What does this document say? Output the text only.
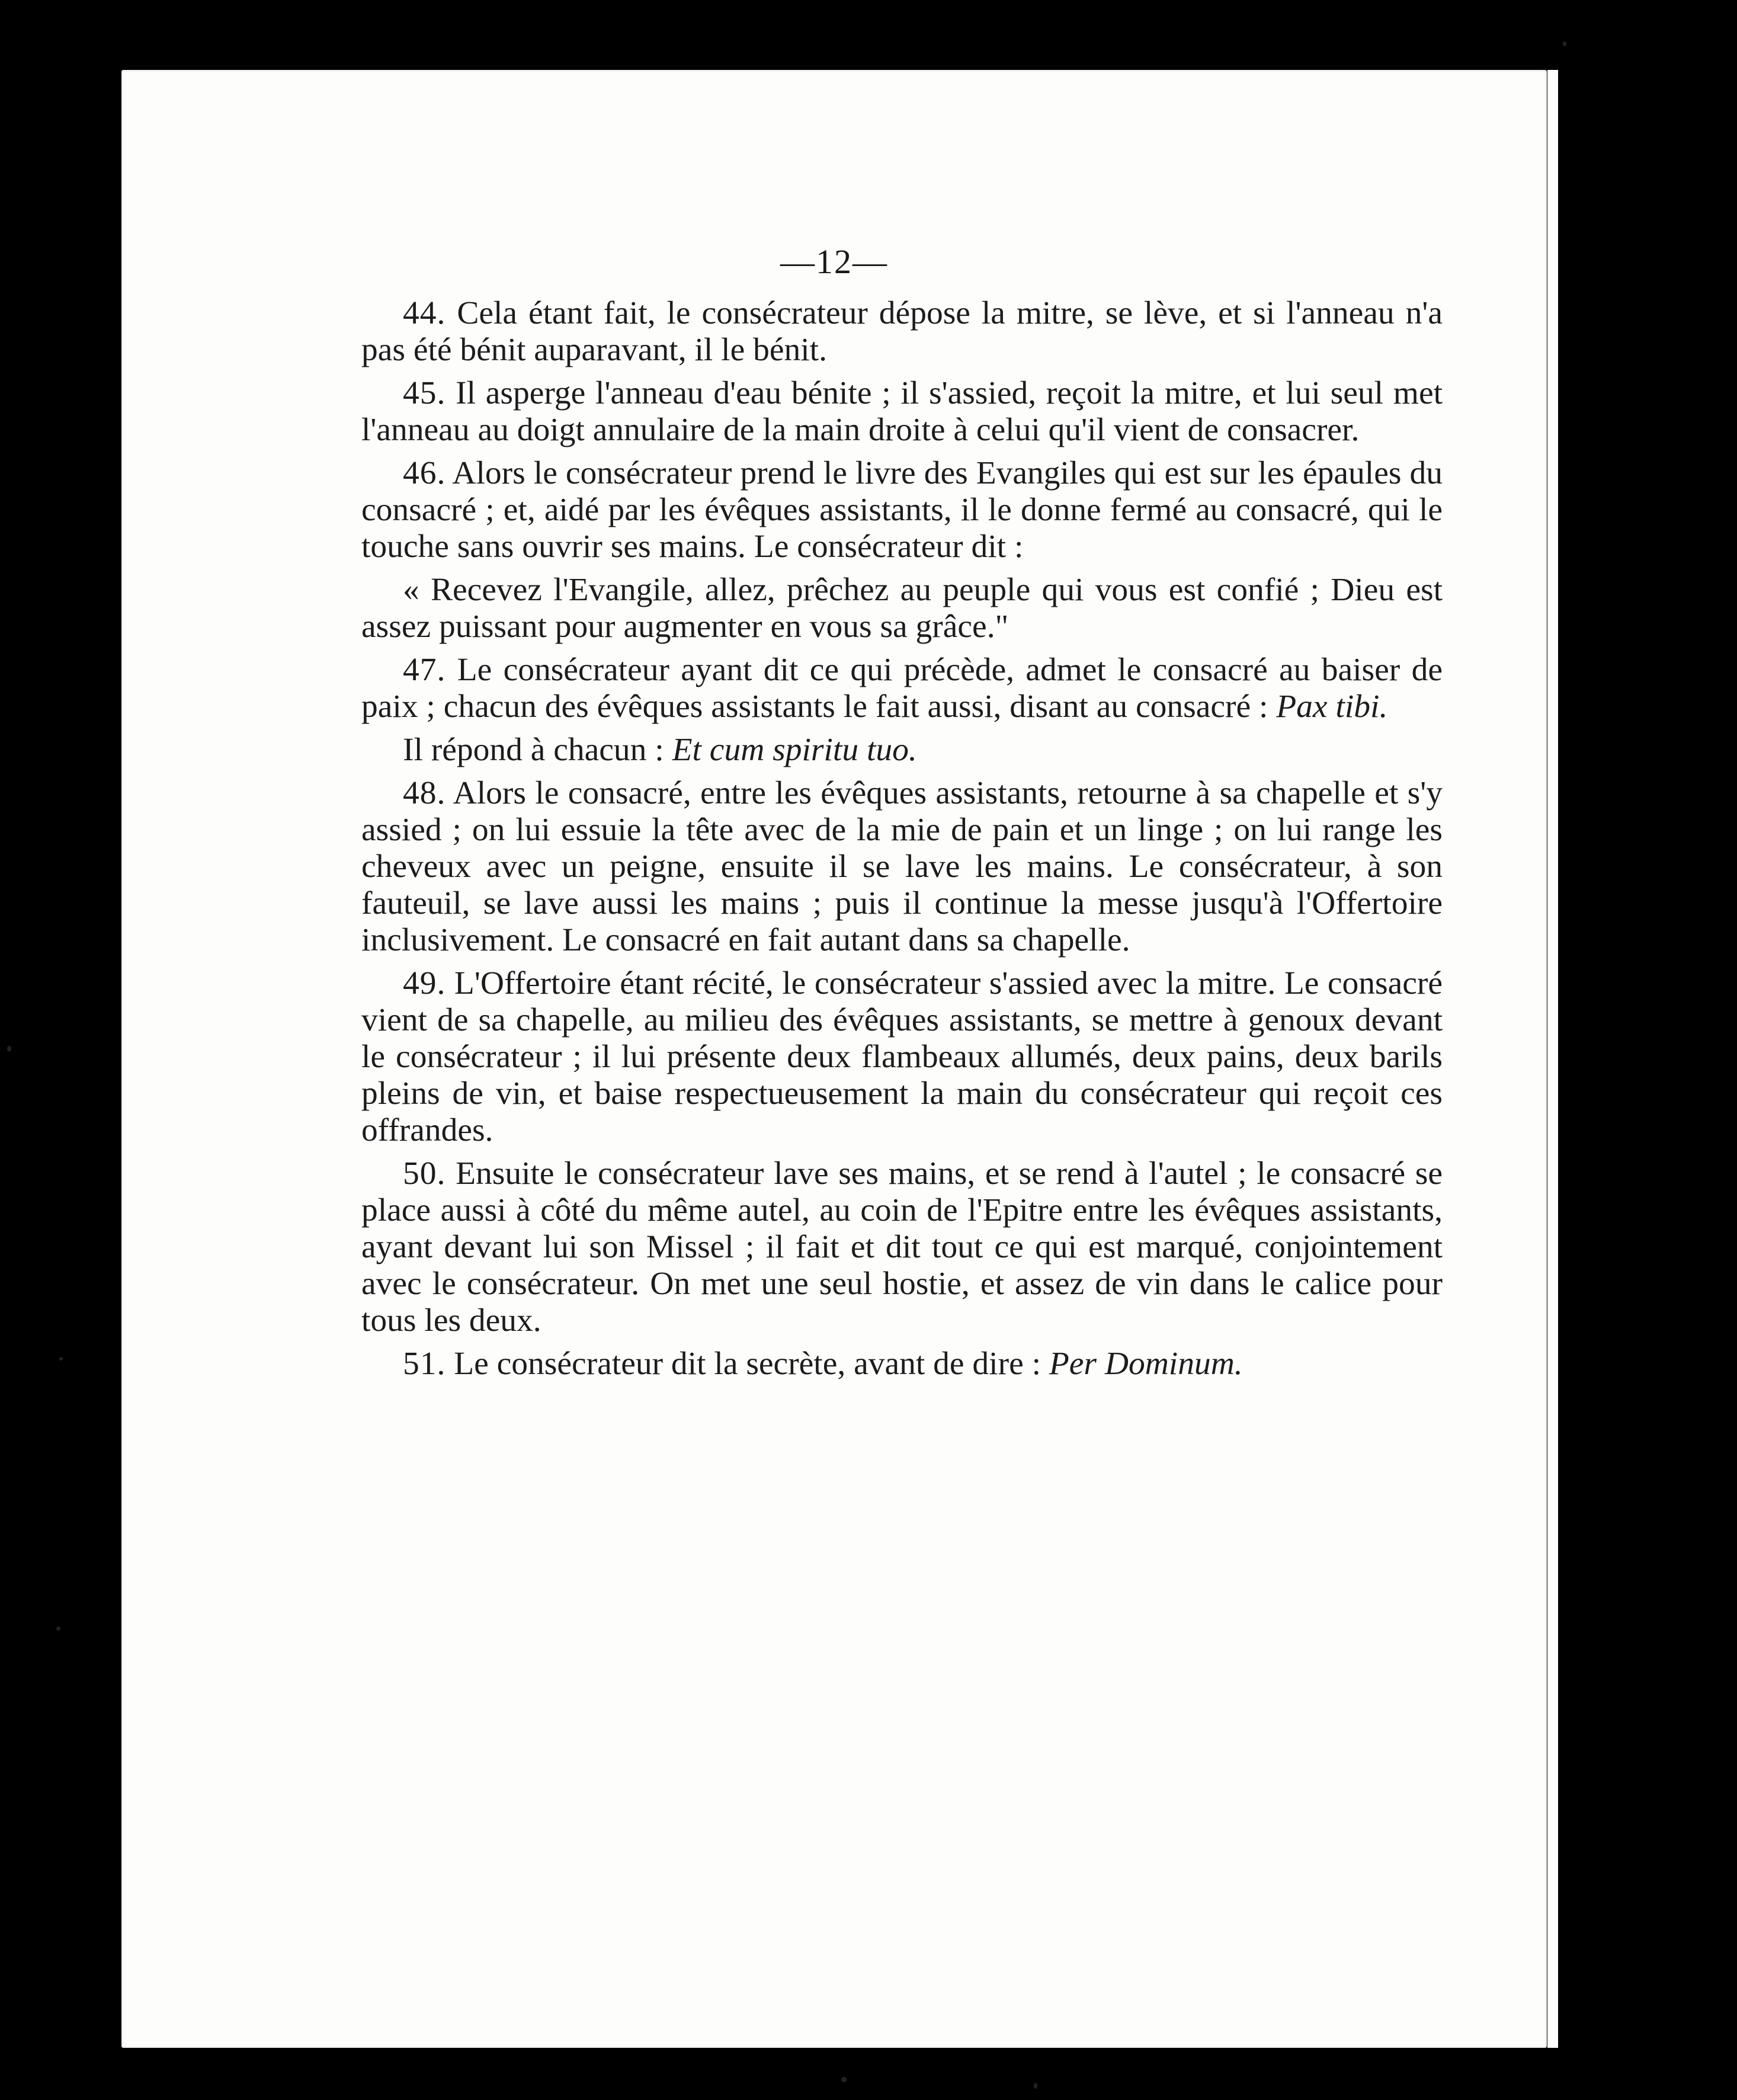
—12—

44. Cela étant fait, le consécrateur dépose la mitre, se lève, et si l'anneau n'a pas été bénit auparavant, il le bénit.

45. Il asperge l'anneau d'eau bénite ; il s'assied, reçoit la mitre, et lui seul met l'anneau au doigt annulaire de la main droite à celui qu'il vient de consacrer.

46. Alors le consécrateur prend le livre des Evangiles qui est sur les épaules du consacré ; et, aidé par les évêques assistants, il le donne fermé au consacré, qui le touche sans ouvrir ses mains. Le consécrateur dit :

« Recevez l'Evangile, allez, prêchez au peuple qui vous est confié ; Dieu est assez puissant pour augmenter en vous sa grâce."

47. Le consécrateur ayant dit ce qui précède, admet le consacré au baiser de paix ; chacun des évêques assistants le fait aussi, disant au consacré : Pax tibi.

Il répond à chacun : Et cum spiritu tuo.

48. Alors le consacré, entre les évêques assistants, retourne à sa chapelle et s'y assied ; on lui essuie la tête avec de la mie de pain et un linge ; on lui range les cheveux avec un peigne, ensuite il se lave les mains. Le consécrateur, à son fauteuil, se lave aussi les mains ; puis il continue la messe jusqu'à l'Offertoire inclusivement. Le consacré en fait autant dans sa chapelle.

49. L'Offertoire étant récité, le consécrateur s'assied avec la mitre. Le consacré vient de sa chapelle, au milieu des évêques assistants, se mettre à genoux devant le consécrateur ; il lui présente deux flambeaux allumés, deux pains, deux barils pleins de vin, et baise respectueusement la main du consécrateur qui reçoit ces offrandes.

50. Ensuite le consécrateur lave ses mains, et se rend à l'autel ; le consacré se place aussi à côté du même autel, au coin de l'Epitre entre les évêques assistants, ayant devant lui son Missel ; il fait et dit tout ce qui est marqué, conjointement avec le consécrateur. On met une seul hostie, et assez de vin dans le calice pour tous les deux.

51. Le consécrateur dit la secrète, avant de dire : Per Dominum.
